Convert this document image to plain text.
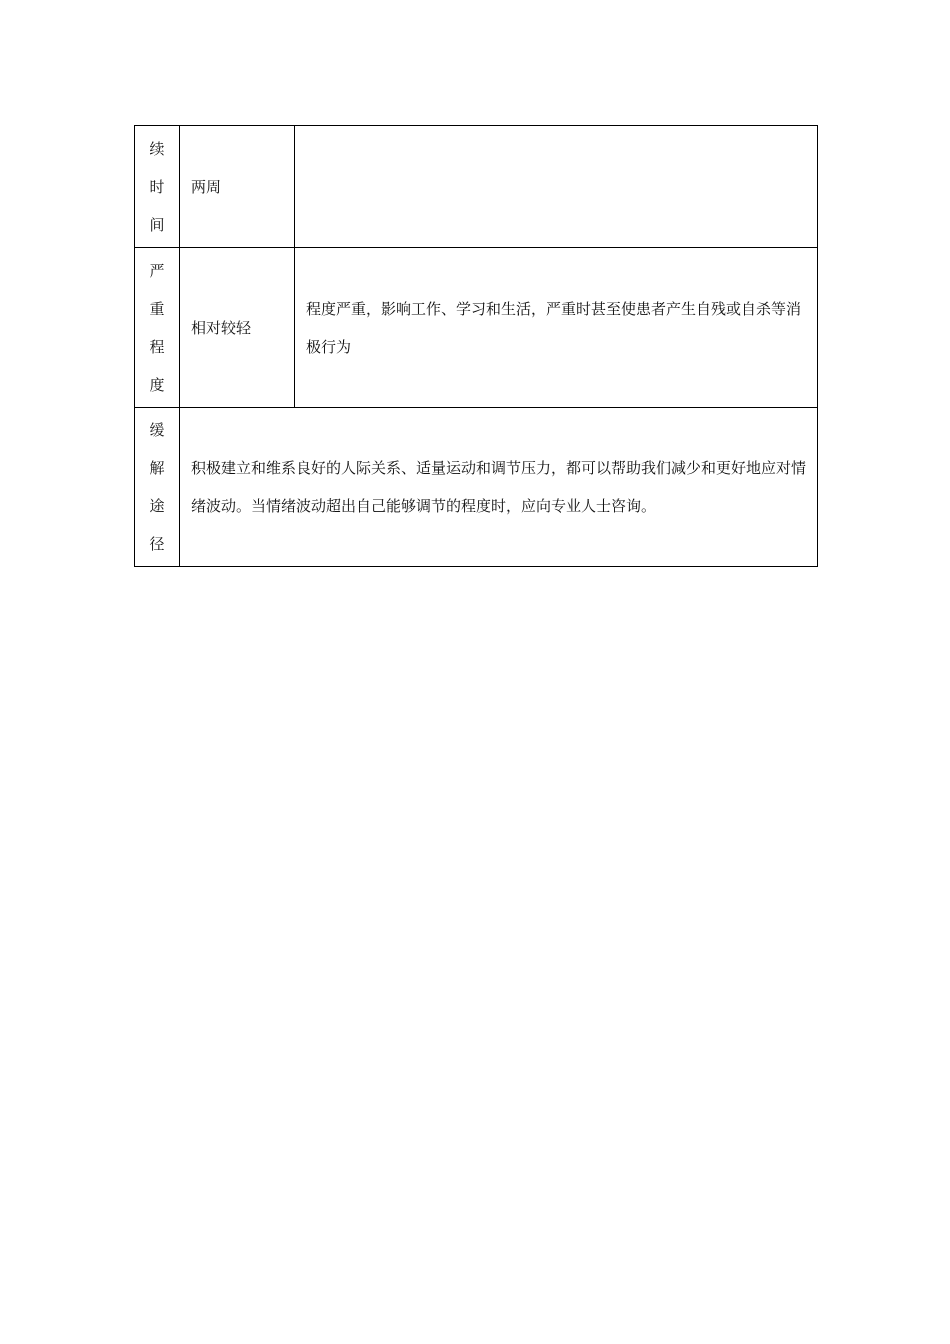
续
时
间	两周	

严
重
程
度	相对较轻	程度严重，影响工作、学习和生活，严重时甚至使患者产生自残或自杀等消极行为

缓
解
途
径	积极建立和维系良好的人际关系、适量运动和调节压力，都可以帮助我们减少和更好地应对情绪波动。当情绪波动超出自己能够调节的程度时，应向专业人士咨询。	
